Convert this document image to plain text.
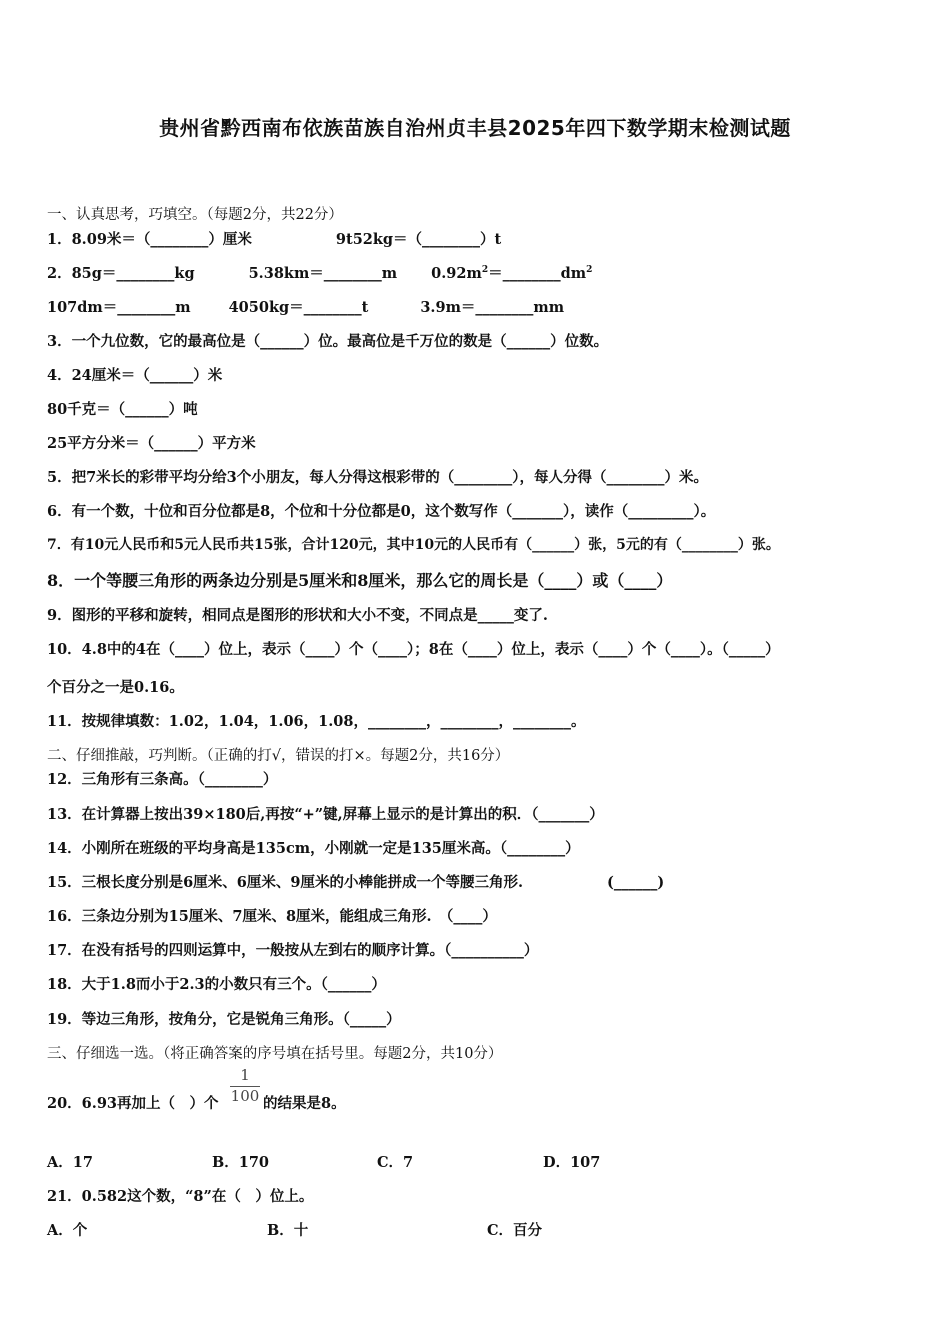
贵州省黔西南布依族苗族自治州贞丰县2025年四下数学期末检测试题
一、认真思考，巧填空。（每题2分，共22分）
1．8.09米＝（________）厘米	9t52kg＝（________）t
2．85g＝________kg	5.38km＝________m $0.92m^2=\_\_\_\_\_\_\_\_dm^2$
107dm＝________m	4050kg＝________t	3.9m＝________mm
3．一个九位数，它的最高位是（______）位。最高位是千万位的数是（______）位数。
4．24厘米＝（______）米
80千克＝（______）吨
25平方分米＝（______）平方米
5．把7米长的彩带平均分给3个小朋友，每人分得这根彩带的（________），每人分得（________）米。
6．有一个数，十位和百分位都是8，个位和十分位都是0，这个数写作（_______），读作（_________）。
7．有10元人民币和5元人民币共15张，合计120元，其中10元的人民币有（______）张，5元的有（________）张。
8．一个等腰三角形的两条边分别是5厘米和8厘米，那么它的周长是（____）或（____）
9．图形的平移和旋转，相同点是图形的形状和大小不变，不同点是_____变了.
10．4.8中的4在（____）位上，表示（____）个（____）；8在（____）位上，表示（____）个（____）。（_____）
个百分之一是0.16。
11．按规律填数：1.02，1.04，1.06，1.08，________，________，________。
二、仔细推敲，巧判断。（正确的打√，错误的打×。每题2分，共16分）
12．三角形有三条高。（________）
13．在计算器上按出39×180后,再按“+”键,屏幕上显示的是计算出的积．（_______）
14．小刚所在班级的平均身高是135cm，小刚就一定是135厘米高。（________）
15．三根长度分别是6厘米、6厘米、9厘米的小棒能拼成一个等腰三角形.	(______)
16．三条边分别为15厘米、7厘米、8厘米，能组成三角形.　（____）
17．在没有括号的四则运算中，一般按从左到右的顺序计算。（__________）
18．大于1.8而小于2.3的小数只有三个。（______）
19．等边三角形，按角分，它是锐角三角形。（_____）
三、仔细选一选。（将正确答案的序号填在括号里。每题2分，共10分）
20．6.93再加上（　）个
1
100 的结果是8。
A．17	B．170	C．7	D．107
21．0.582这个数，“8”在（　）位上。
A．个	B．十	C．百分
